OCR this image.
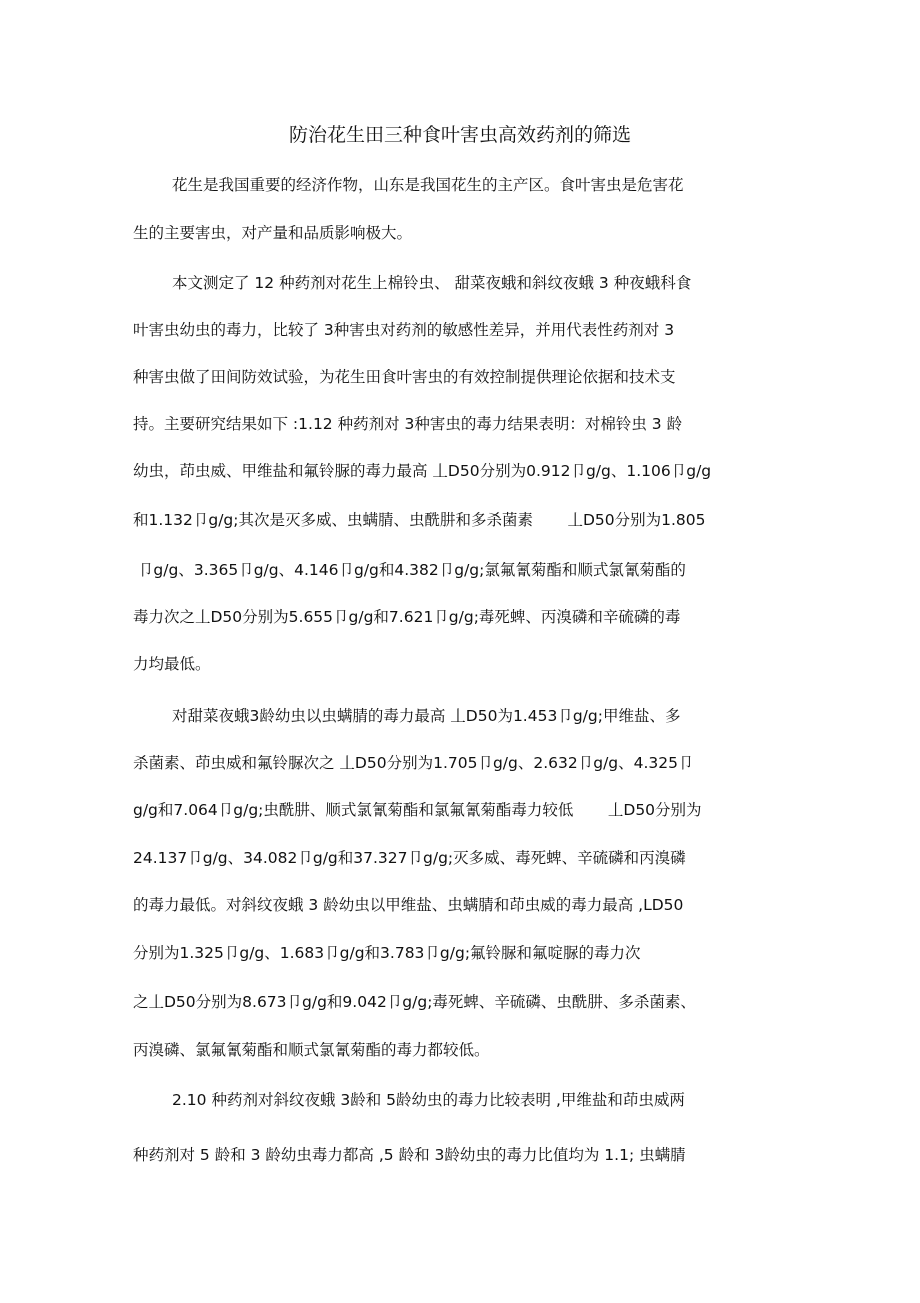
防治花生田三种食叶害虫高效药剂的筛选
花生是我国重要的经济作物，山东是我国花生的主产区。食叶害虫是危害花
生的主要害虫，对产量和品质影响极大。
本文测定了 12 种药剂对花生上棉铃虫、 甜菜夜蛾和斜纹夜蛾 3 种夜蛾科食
叶害虫幼虫的毒力，比较了 3种害虫对药剂的敏感性差异，并用代表性药剂对 3
种害虫做了田间防效试验，为花生田食叶害虫的有效控制提供理论依据和技术支
持。主要研究结果如下 :1.12 种药剂对 3种害虫的毒力结果表明：对棉铃虫 3 龄
幼虫，茚虫威、甲维盐和氟铃脲的毒力最高 丄D50分别为0.912卩g/g、1.106卩g/g
和1.132卩g/g;其次是灭多威、虫螨腈、虫酰肼和多杀菌素       丄D50分别为1.805
卩g/g、3.365卩g/g、4.146卩g/g和4.382卩g/g;氯氟氰菊酯和顺式氯氰菊酯的
毒力次之丄D50分别为5.655卩g/g和7.621卩g/g;毒死蜱、丙溴磷和辛硫磷的毒
力均最低。
对甜菜夜蛾3龄幼虫以虫螨腈的毒力最高 丄D50为1.453卩g/g;甲维盐、多
杀菌素、茚虫威和氟铃脲次之 丄D50分别为1.705卩g/g、2.632卩g/g、4.325卩
g/g和7.064卩g/g;虫酰肼、顺式氯氰菊酯和氯氟氰菊酯毒力较低       丄D50分别为
24.137卩g/g、34.082卩g/g和37.327卩g/g;灭多威、毒死蜱、辛硫磷和丙溴磷
的毒力最低。对斜纹夜蛾 3 龄幼虫以甲维盐、虫螨腈和茚虫威的毒力最高 ,LD50
分别为1.325卩g/g、1.683卩g/g和3.783卩g/g;氟铃脲和氟啶脲的毒力次
之丄D50分别为8.673卩g/g和9.042卩g/g;毒死蜱、辛硫磷、虫酰肼、多杀菌素、
丙溴磷、氯氟氰菊酯和顺式氯氰菊酯的毒力都较低。
2.10 种药剂对斜纹夜蛾 3龄和 5龄幼虫的毒力比较表明 ,甲维盐和茚虫威两
种药剂对 5 龄和 3 龄幼虫毒力都高 ,5 龄和 3龄幼虫的毒力比值均为 1.1; 虫螨腈
